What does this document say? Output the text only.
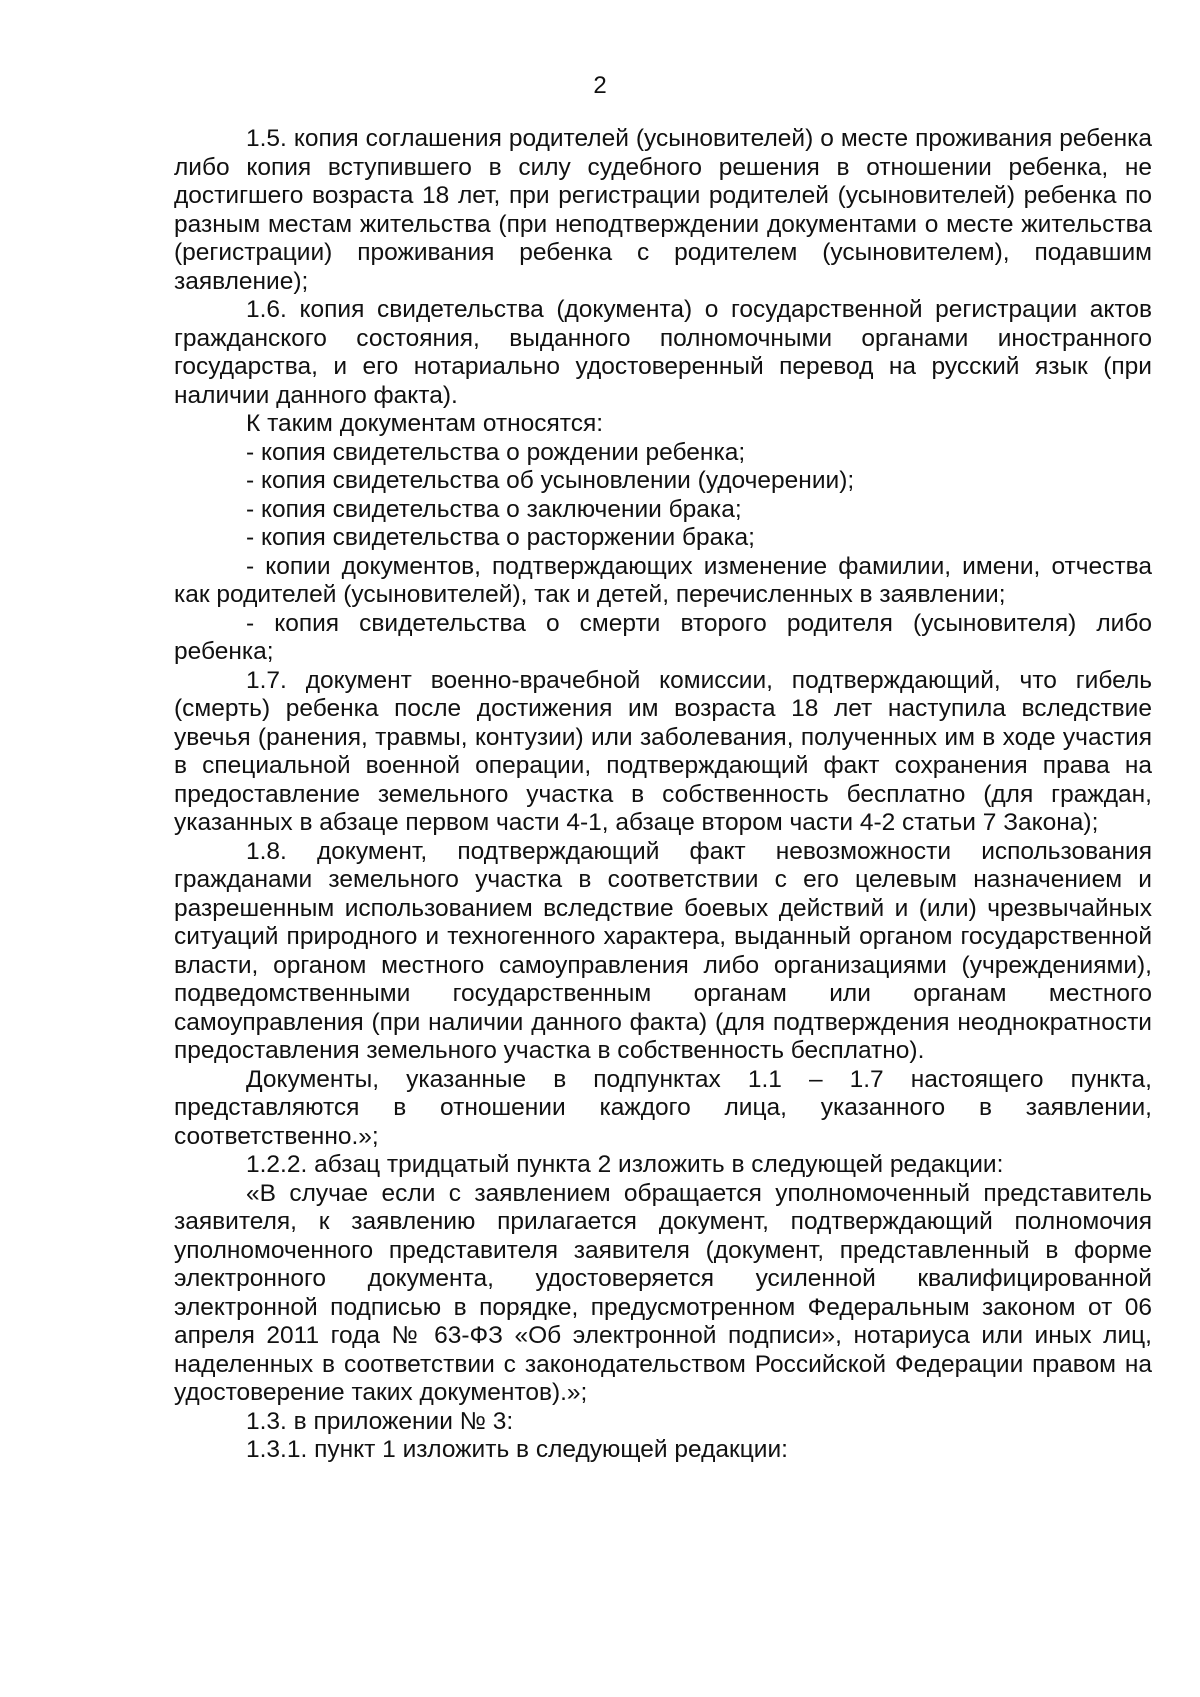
2

1.5. копия соглашения родителей (усыновителей) о месте проживания ребенка либо копия вступившего в силу судебного решения в отношении ребенка, не достигшего возраста 18 лет, при регистрации родителей (усыновителей) ребенка по разным местам жительства (при неподтверждении документами о месте жительства (регистрации) проживания ребенка с родителем (усыновителем), подавшим заявление);

1.6. копия свидетельства (документа) о государственной регистрации актов гражданского состояния, выданного полномочными органами иностранного государства, и его нотариально удостоверенный перевод на русский язык (при наличии данного факта).

К таким документам относятся:

- копия свидетельства о рождении ребенка;

- копия свидетельства об усыновлении (удочерении);

- копия свидетельства о заключении брака;

- копия свидетельства о расторжении брака;

- копии документов, подтверждающих изменение фамилии, имени, отчества как родителей (усыновителей), так и детей, перечисленных в заявлении;

- копия свидетельства о смерти второго родителя (усыновителя) либо ребенка;

1.7. документ военно-врачебной комиссии, подтверждающий, что гибель (смерть) ребенка после достижения им возраста 18 лет наступила вследствие увечья (ранения, травмы, контузии) или заболевания, полученных им в ходе участия в специальной военной операции, подтверждающий факт сохранения права на предоставление земельного участка в собственность бесплатно (для граждан, указанных в абзаце первом части 4-1, абзаце втором части 4-2 статьи 7 Закона);

1.8. документ, подтверждающий факт невозможности использования гражданами земельного участка в соответствии с его целевым назначением и разрешенным использованием вследствие боевых действий и (или) чрезвычайных ситуаций природного и техногенного характера, выданный органом государственной власти, органом местного самоуправления либо организациями (учреждениями), подведомственными государственным органам или органам местного самоуправления (при наличии данного факта) (для подтверждения неоднократности предоставления земельного участка в собственность бесплатно).

Документы, указанные в подпунктах 1.1 – 1.7 настоящего пункта, представляются в отношении каждого лица, указанного в заявлении, соответственно.»;

1.2.2. абзац тридцатый пункта 2 изложить в следующей редакции:

«В случае если с заявлением обращается уполномоченный представитель заявителя, к заявлению прилагается документ, подтверждающий полномочия уполномоченного представителя заявителя (документ, представленный в форме электронного документа, удостоверяется усиленной квалифицированной электронной подписью в порядке, предусмотренном Федеральным законом от 06 апреля 2011 года № 63-ФЗ «Об электронной подписи», нотариуса или иных лиц, наделенных в соответствии с законодательством Российской Федерации правом на удостоверение таких документов).»;

1.3. в приложении № 3:

1.3.1. пункт 1 изложить в следующей редакции:
